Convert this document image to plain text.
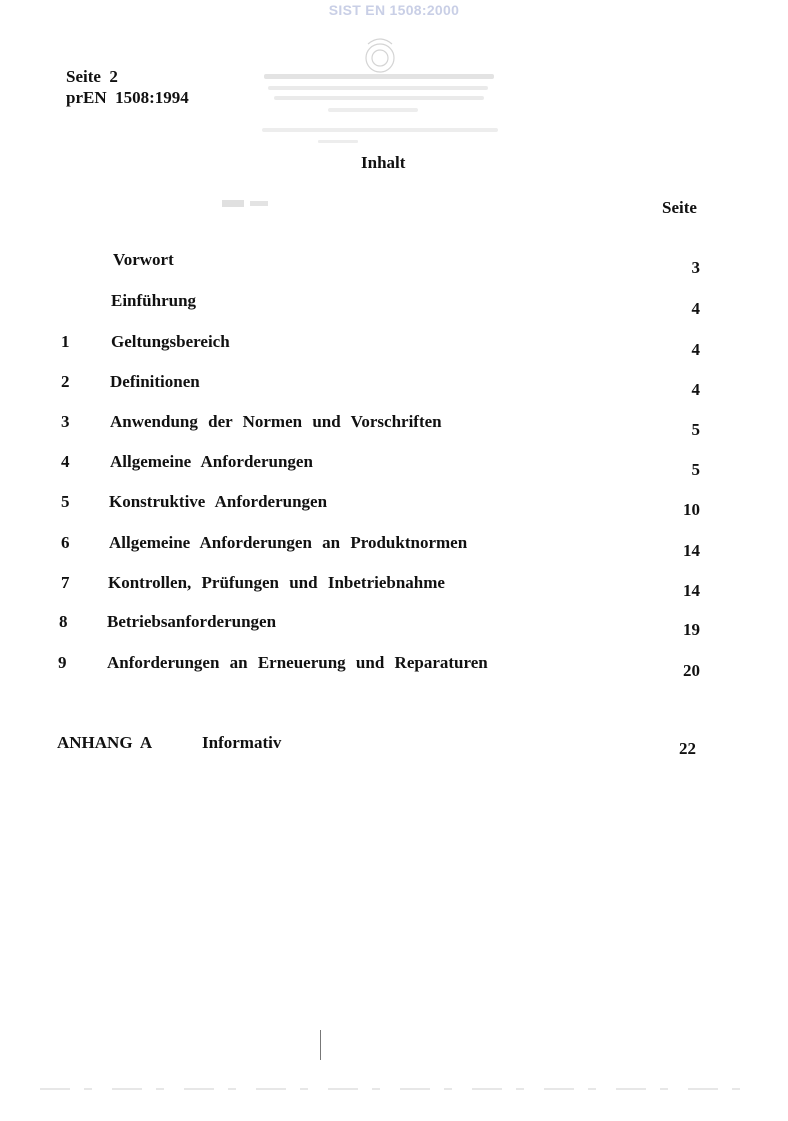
SIST EN 1508:2000
Seite  2
prEN  1508:1994
Inhalt
Seite
Vorwort	3
Einführung	4
1 Geltungsbereich	4
2 Definitionen	4
3 Anwendung der Normen und Vorschriften	5
4 Allgemeine Anforderungen	5
5 Konstruktive Anforderungen	10
6 Allgemeine Anforderungen an Produktnormen	14
7 Kontrollen, Prüfungen und Inbetriebnahme	14
8 Betriebsanforderungen	19
9 Anforderungen an Erneuerung und Reparaturen	20
ANHANG A	Informativ	22
